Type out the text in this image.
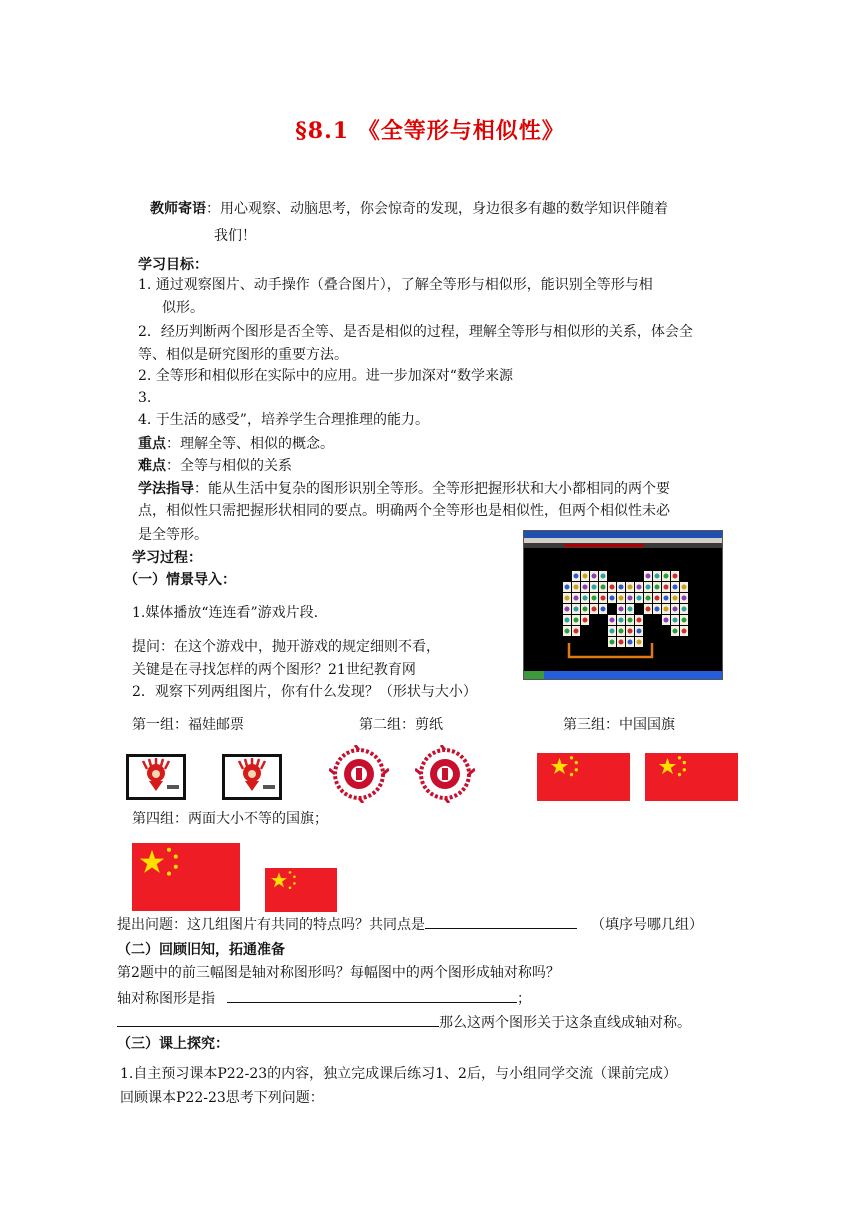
§8.1 《全等形与相似性》
教师寄语：用心观察、动脑思考，你会惊奇的发现，身边很多有趣的数学知识伴随着
我们！
学习目标：
1. 通过观察图片、动手操作（叠合图片），了解全等形与相似形，能识别全等形与相
似形。
2．经历判断两个图形是否全等、是否是相似的过程，理解全等形与相似形的关系，体会全
等、相似是研究图形的重要方法。
2. 全等形和相似形在实际中的应用。进一步加深对“数学来源
3.
4. 于生活的感受”，培养学生合理推理的能力。
重点：理解全等、相似的概念。
难点：全等与相似的关系
学法指导：能从生活中复杂的图形识别全等形。全等形把握形状和大小都相同的两个要
点，相似性只需把握形状相同的要点。明确两个全等形也是相似性，但两个相似性未必
是全等形。
学习过程：
（一）情景导入：
1.媒体播放“连连看”游戏片段.
提问：在这个游戏中，抛开游戏的规定细则不看，
关键是在寻找怎样的两个图形？21世纪教育网
2．观察下列两组图片，你有什么发现？（形状与大小）
第一组：福娃邮票	第二组：剪纸	第三组：中国国旗
第四组：两面大小不等的国旗；
提出问题：这几组图片有共同的特点吗？共同点是	（填序号哪几组）
（二）回顾旧知，拓通准备
第2题中的前三幅图是轴对称图形吗？每幅图中的两个图形成轴对称吗？
轴对称图形是指	；
那么这两个图形关于这条直线成轴对称。
（三）课上探究：
1.自主预习课本P22-23的内容，独立完成课后练习1、2后，与小组同学交流（课前完成）
回顾课本P22-23思考下列问题：
